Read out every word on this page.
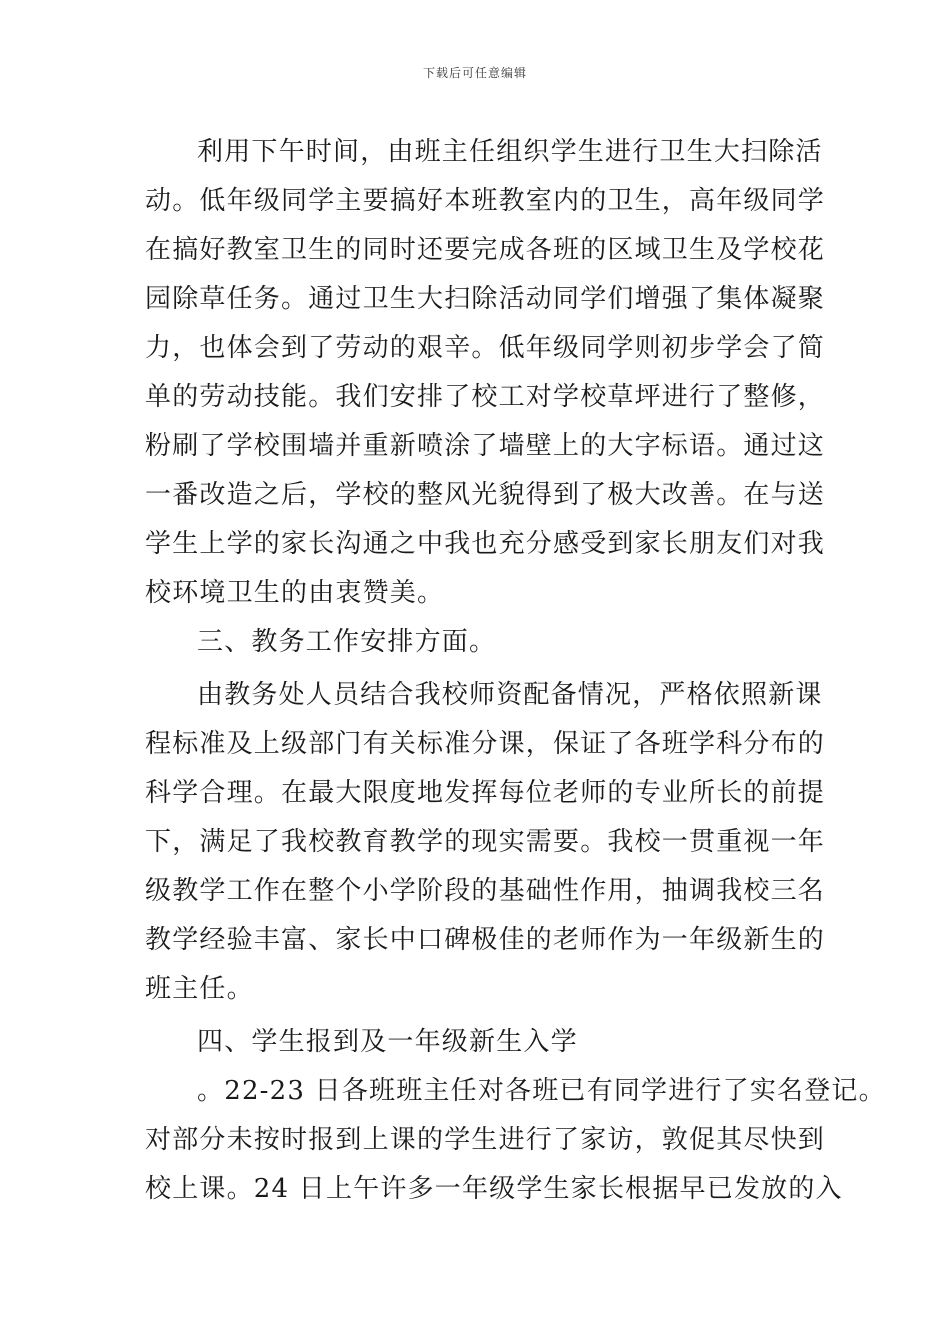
下载后可任意编辑
利用下午时间，由班主任组织学生进行卫生大扫除活
动。低年级同学主要搞好本班教室内的卫生，高年级同学
在搞好教室卫生的同时还要完成各班的区域卫生及学校花
园除草任务。通过卫生大扫除活动同学们增强了集体凝聚
力，也体会到了劳动的艰辛。低年级同学则初步学会了简
单的劳动技能。我们安排了校工对学校草坪进行了整修，
粉刷了学校围墙并重新喷涂了墙壁上的大字标语。通过这
一番改造之后，学校的整风光貌得到了极大改善。在与送
学生上学的家长沟通之中我也充分感受到家长朋友们对我
校环境卫生的由衷赞美。
三、教务工作安排方面。
由教务处人员结合我校师资配备情况，严格依照新课
程标准及上级部门有关标准分课，保证了各班学科分布的
科学合理。在最大限度地发挥每位老师的专业所长的前提
下，满足了我校教育教学的现实需要。我校一贯重视一年
级教学工作在整个小学阶段的基础性作用，抽调我校三名
教学经验丰富、家长中口碑极佳的老师作为一年级新生的
班主任。
四、学生报到及一年级新生入学
。22-23 日各班班主任对各班已有同学进行了实名登记。
对部分未按时报到上课的学生进行了家访，敦促其尽快到
校上课。24 日上午许多一年级学生家长根据早已发放的入
